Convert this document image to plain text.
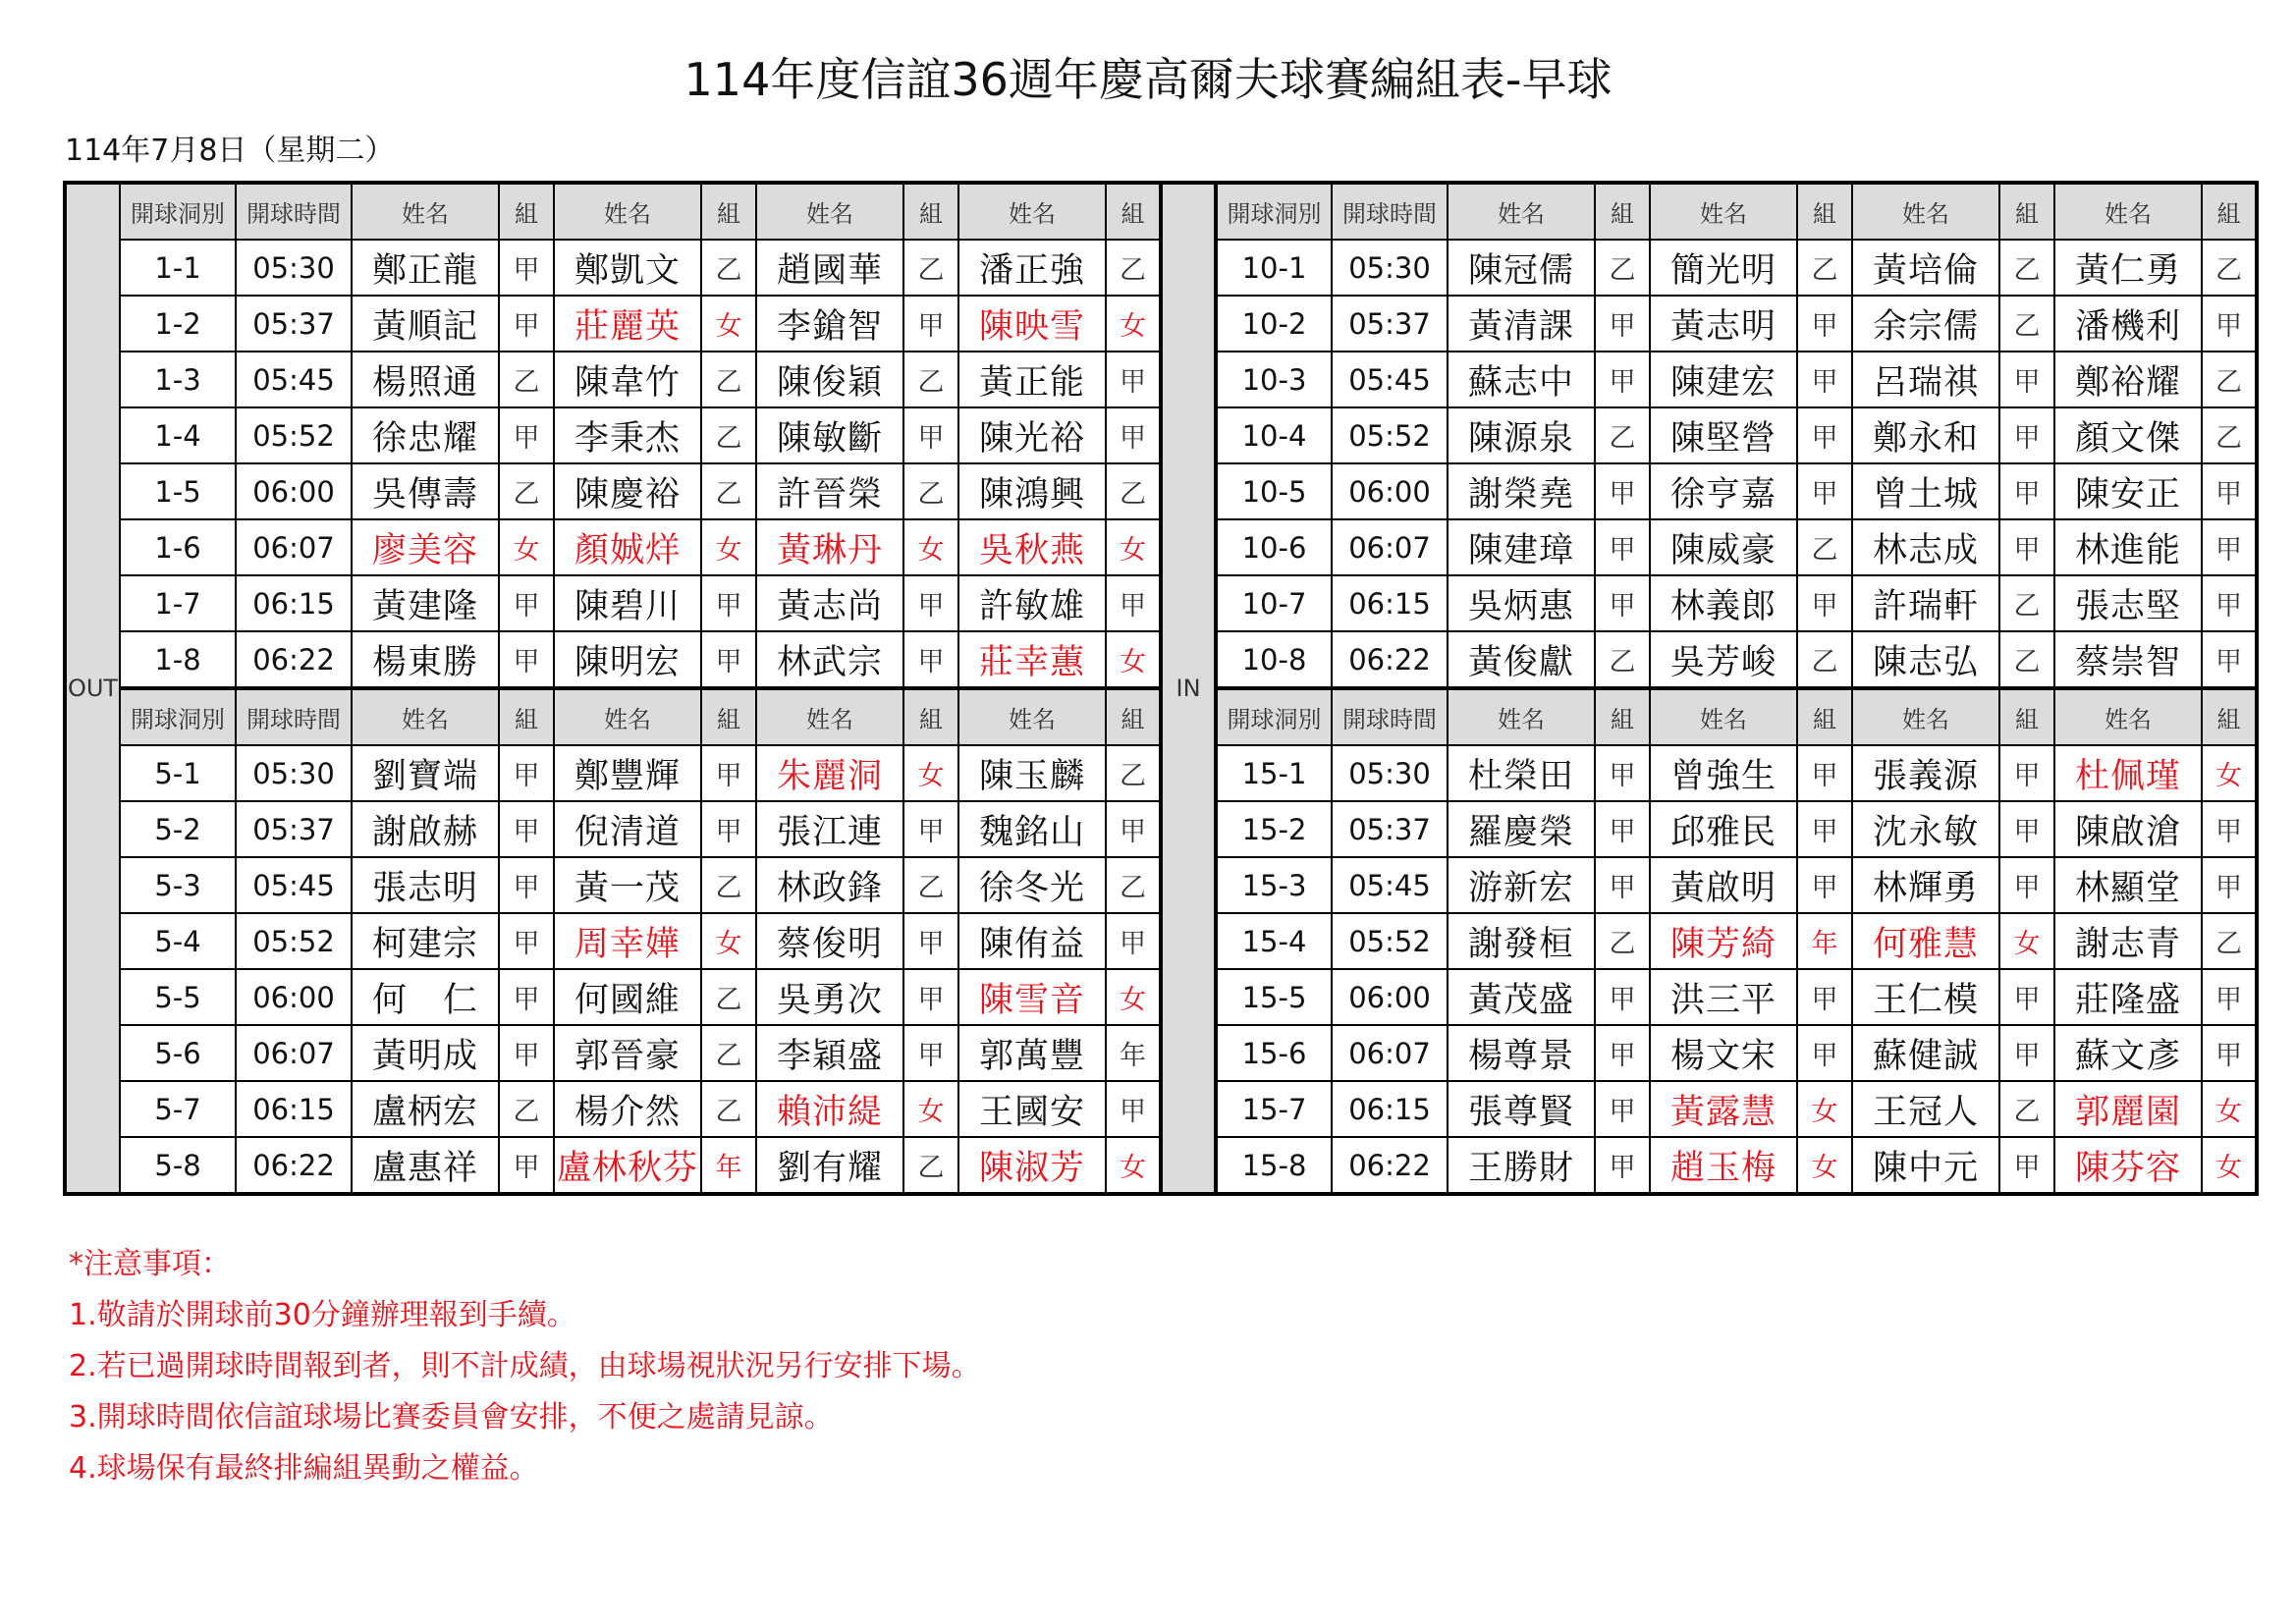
114年度信誼36週年慶高爾夫球賽編組表-早球
114年7月8日（星期二）
OUT	開球洞別	開球時間	姓名	組	姓名	組	姓名	組	姓名	組	IN	開球洞別	開球時間	姓名	組	姓名	組	姓名	組	姓名	組
	1-1	05:30	鄭正龍	甲	鄭凱文	乙	趙國華	乙	潘正強	乙		10-1	05:30	陳冠儒	乙	簡光明	乙	黃培倫	乙	黃仁勇	乙
	1-2	05:37	黃順記	甲	莊麗英	女	李鎗智	甲	陳映雪	女		10-2	05:37	黃清課	甲	黃志明	甲	余宗儒	乙	潘機利	甲
	1-3	05:45	楊照通	乙	陳韋竹	乙	陳俊穎	乙	黃正能	甲		10-3	05:45	蘇志中	甲	陳建宏	甲	呂瑞祺	甲	鄭裕耀	乙
	1-4	05:52	徐忠耀	甲	李秉杰	乙	陳敏斷	甲	陳光裕	甲		10-4	05:52	陳源泉	乙	陳堅營	甲	鄭永和	甲	顏文傑	乙
	1-5	06:00	吳傳壽	乙	陳慶裕	乙	許晉榮	乙	陳鴻興	乙		10-5	06:00	謝榮堯	甲	徐亨嘉	甲	曾土城	甲	陳安正	甲
	1-6	06:07	廖美容	女	顏娍烊	女	黃琳丹	女	吳秋燕	女		10-6	06:07	陳建璋	甲	陳威豪	乙	林志成	甲	林進能	甲
	1-7	06:15	黃建隆	甲	陳碧川	甲	黃志尚	甲	許敏雄	甲		10-7	06:15	吳炳惠	甲	林義郎	甲	許瑞軒	乙	張志堅	甲
	1-8	06:22	楊東勝	甲	陳明宏	甲	林武宗	甲	莊幸蕙	女		10-8	06:22	黃俊獻	乙	吳芳峻	乙	陳志弘	乙	蔡崇智	甲
	開球洞別	開球時間	姓名	組	姓名	組	姓名	組	姓名	組		開球洞別	開球時間	姓名	組	姓名	組	姓名	組	姓名	組
	5-1	05:30	劉寶端	甲	鄭豐輝	甲	朱麗洞	女	陳玉麟	乙		15-1	05:30	杜榮田	甲	曾強生	甲	張義源	甲	杜佩瑾	女
	5-2	05:37	謝啟赫	甲	倪清道	甲	張江連	甲	魏銘山	甲		15-2	05:37	羅慶榮	甲	邱雅民	甲	沈永敏	甲	陳啟滄	甲
	5-3	05:45	張志明	甲	黃一茂	乙	林政鋒	乙	徐冬光	乙		15-3	05:45	游新宏	甲	黃啟明	甲	林輝勇	甲	林顯堂	甲
	5-4	05:52	柯建宗	甲	周幸嬅	女	蔡俊明	甲	陳侑益	甲		15-4	05:52	謝發桓	乙	陳芳綺	年	何雅慧	女	謝志青	乙
	5-5	06:00	何　仁	甲	何國維	乙	吳勇次	甲	陳雪音	女		15-5	06:00	黃茂盛	甲	洪三平	甲	王仁模	甲	莊隆盛	甲
	5-6	06:07	黃明成	甲	郭晉豪	乙	李穎盛	甲	郭萬豐	年		15-6	06:07	楊尊景	甲	楊文宋	甲	蘇健誠	甲	蘇文彥	甲
	5-7	06:15	盧柄宏	乙	楊介然	乙	賴沛緹	女	王國安	甲		15-7	06:15	張尊賢	甲	黃露慧	女	王冠人	乙	郭麗園	女
	5-8	06:22	盧惠祥	甲	盧林秋芬	年	劉有耀	乙	陳淑芳	女		15-8	06:22	王勝財	甲	趙玉梅	女	陳中元	甲	陳芬容	女
*注意事項：
1.敬請於開球前30分鐘辦理報到手續。
2.若已過開球時間報到者，則不計成績，由球場視狀況另行安排下場。
3.開球時間依信誼球場比賽委員會安排，不便之處請見諒。
4.球場保有最終排編組異動之權益。
